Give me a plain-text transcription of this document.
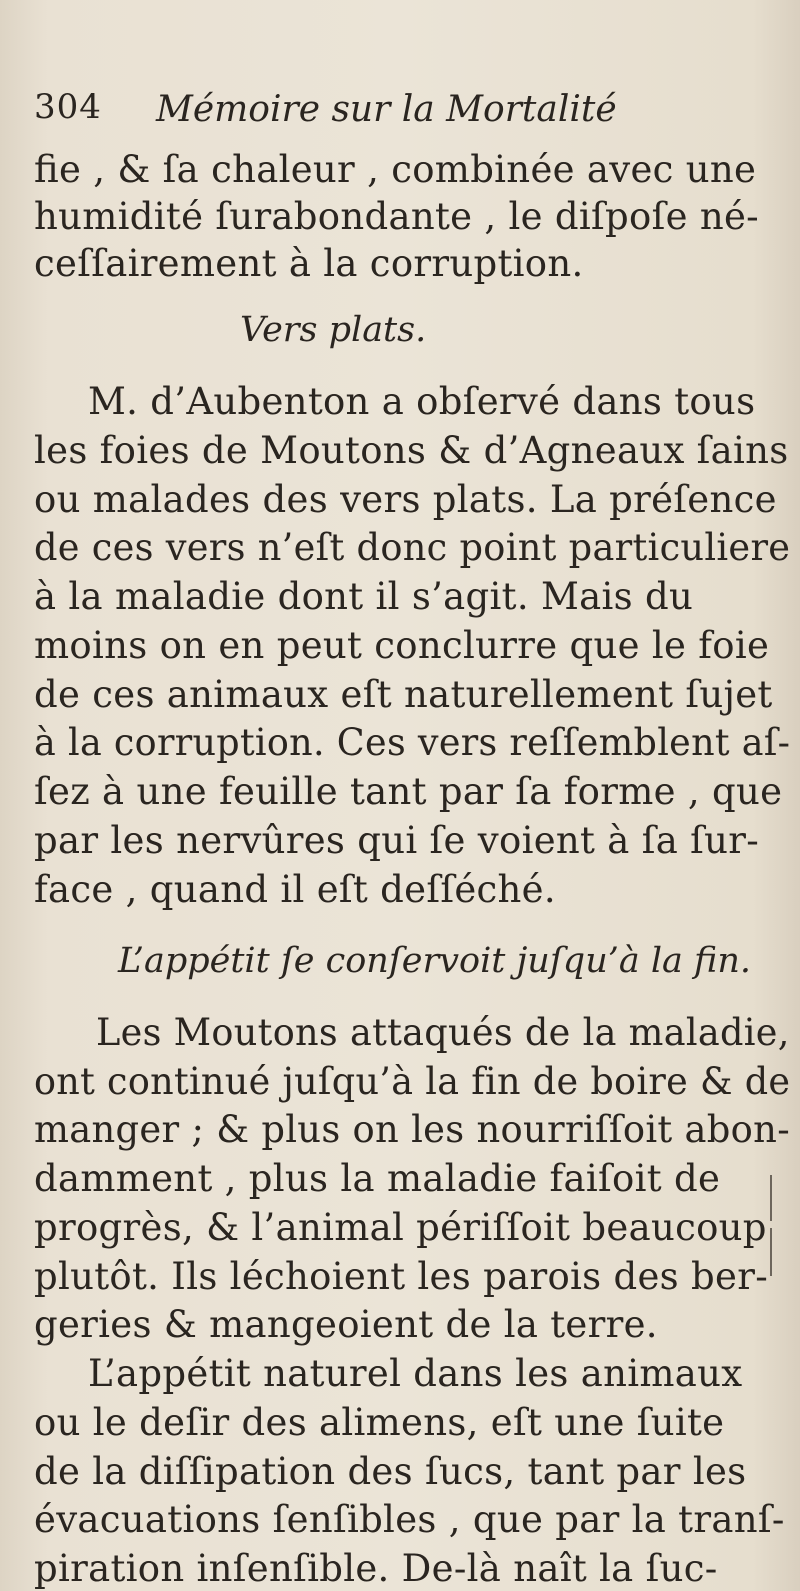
304 Mémoire sur la Mortalité
ﬁe , & ſa chaleur , combinée avec une
humidité ſurabondante , le diſpoſe né-
ceſſairement à la corruption.
Vers plats.
M. d’Aubenton a obſervé dans tous
les foies de Moutons & d’Agneaux ſains
ou malades des vers plats. La préſence
de ces vers n’eſt donc point particuliere
à la maladie dont il s’agit. Mais du
moins on en peut conclurre que le foie
de ces animaux eſt naturellement ſujet
à la corruption. Ces vers reſſemblent aſ-
ſez à une feuille tant par ſa forme , que
par les nervûres qui ſe voient à ſa ſur-
face , quand il eſt deſſéché.
L’appétit ſe conſervoit juſqu’à la fin.
Les Moutons attaqués de la maladie,
ont continué juſqu’à la fin de boire & de
manger ; & plus on les nourriſſoit abon-
damment , plus la maladie faiſoit de
progrès, & l’animal périſſoit beaucoup
plutôt. Ils léchoient les parois des ber-
geries & mangeoient de la terre.
L’appétit naturel dans les animaux
ou le deſir des alimens, eſt une ſuite
de la diſſipation des ſucs, tant par les
évacuations ſenſibles , que par la tranſ-
piration inſenſible. De-là naît la ſuc-
